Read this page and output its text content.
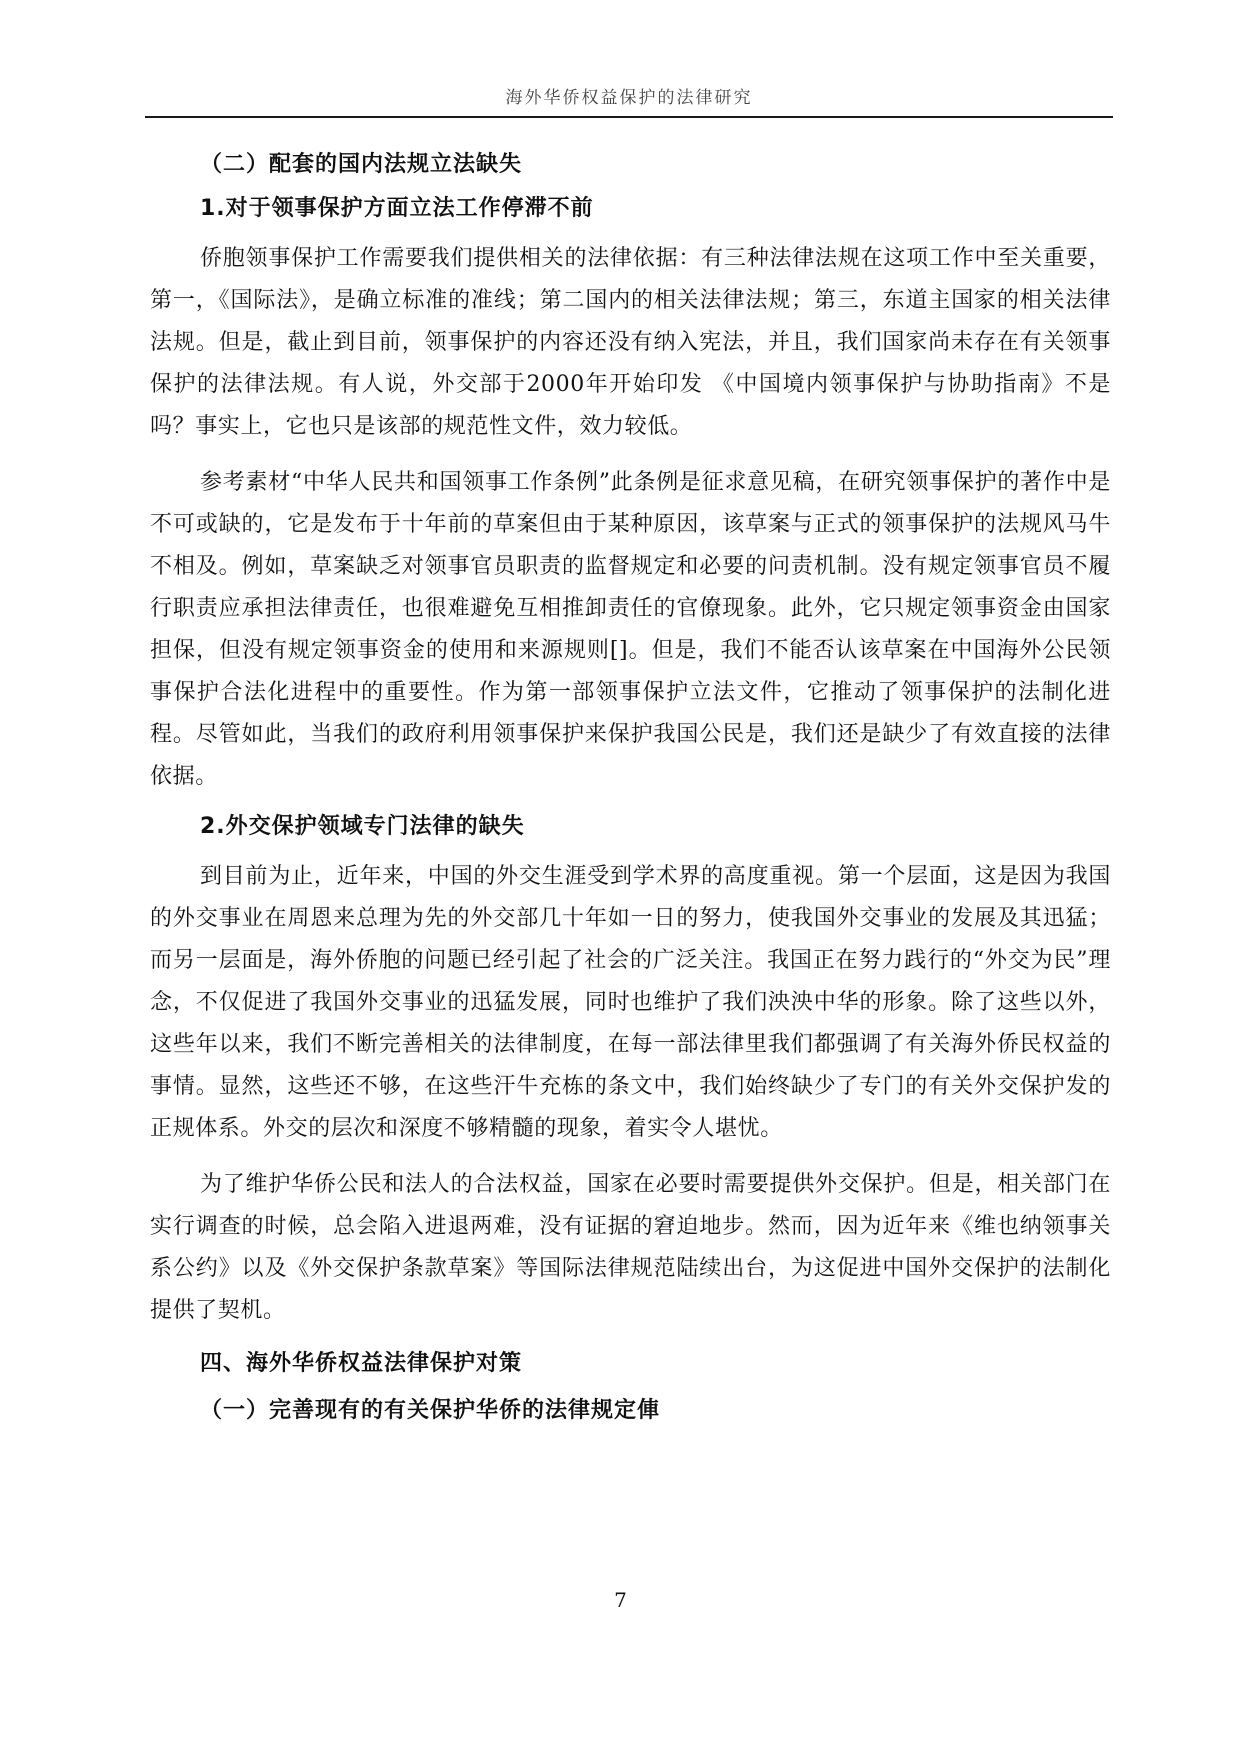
海外华侨权益保护的法律研究

（二）配套的国内法规立法缺失

1.对于领事保护方面立法工作停滞不前

侨胞领事保护工作需要我们提供相关的法律依据：有三种法律法规在这项工作中至关重要，第一，《国际法》，是确立标准的准线；第二国内的相关法律法规；第三，东道主国家的相关法律法规。但是，截止到目前，领事保护的内容还没有纳入宪法，并且，我们国家尚未存在有关领事保护的法律法规。有人说，外交部于2000年开始印发 《中国境内领事保护与协助指南》不是吗？事实上，它也只是该部的规范性文件，效力较低。

参考素材“中华人民共和国领事工作条例”此条例是征求意见稿，在研究领事保护的著作中是不可或缺的，它是发布于十年前的草案但由于某种原因，该草案与正式的领事保护的法规风马牛不相及。例如，草案缺乏对领事官员职责的监督规定和必要的问责机制。没有规定领事官员不履行职责应承担法律责任，也很难避免互相推卸责任的官僚现象。此外，它只规定领事资金由国家担保，但没有规定领事资金的使用和来源规则[]。但是，我们不能否认该草案在中国海外公民领事保护合法化进程中的重要性。作为第一部领事保护立法文件，它推动了领事保护的法制化进程。尽管如此，当我们的政府利用领事保护来保护我国公民是，我们还是缺少了有效直接的法律依据。

2.外交保护领域专门法律的缺失

到目前为止，近年来，中国的外交生涯受到学术界的高度重视。第一个层面，这是因为我国的外交事业在周恩来总理为先的外交部几十年如一日的努力，使我国外交事业的发展及其迅猛；而另一层面是，海外侨胞的问题已经引起了社会的广泛关注。我国正在努力践行的“外交为民”理念，不仅促进了我国外交事业的迅猛发展，同时也维护了我们泱泱中华的形象。除了这些以外，这些年以来，我们不断完善相关的法律制度，在每一部法律里我们都强调了有关海外侨民权益的事情。显然，这些还不够，在这些汗牛充栋的条文中，我们始终缺少了专门的有关外交保护发的正规体系。外交的层次和深度不够精髓的现象，着实令人堪忧。

为了维护华侨公民和法人的合法权益，国家在必要时需要提供外交保护。但是，相关部门在实行调查的时候，总会陷入进退两难，没有证据的窘迫地步。然而，因为近年来《维也纳领事关系公约》以及《外交保护条款草案》等国际法律规范陆续出台，为这促进中国外交保护的法制化提供了契机。

四、海外华侨权益法律保护对策

（一）完善现有的有关保护华侨的法律规定俥

7
